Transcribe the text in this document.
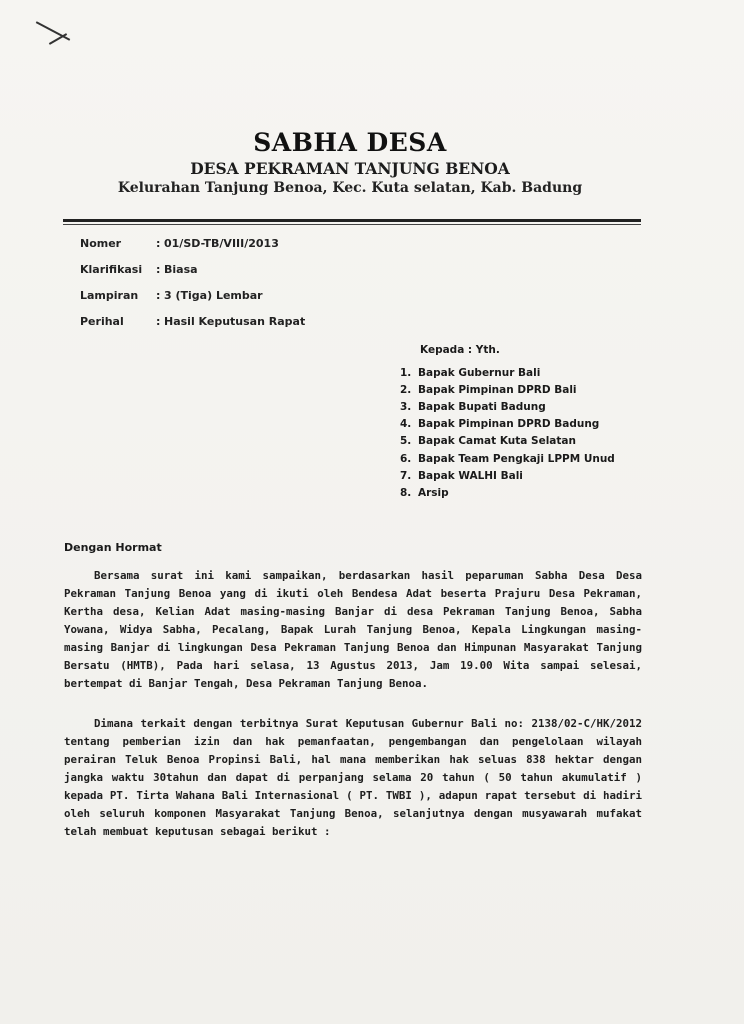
SABHA DESA
DESA PEKRAMAN TANJUNG BENOA
Kelurahan Tanjung Benoa, Kec. Kuta selatan, Kab. Badung
Nomer	: 01/SD-TB/VIII/2013
Klarifikasi	: Biasa
Lampiran	: 3 (Tiga) Lembar
Perihal	: Hasil Keputusan Rapat
Kepada : Yth.
1. Bapak Gubernur Bali
2. Bapak Pimpinan DPRD Bali
3. Bapak Bupati Badung
4. Bapak Pimpinan DPRD Badung
5. Bapak Camat Kuta Selatan
6. Bapak Team Pengkaji LPPM Unud
7. Bapak WALHI Bali
8. Arsip
Dengan Hormat
Bersama surat ini kami sampaikan, berdasarkan hasil peparuman Sabha Desa Desa Pekraman Tanjung Benoa yang di ikuti oleh Bendesa Adat beserta Prajuru Desa Pekraman, Kertha desa, Kelian Adat masing-masing Banjar di desa Pekraman Tanjung Benoa, Sabha Yowana, Widya Sabha, Pecalang, Bapak Lurah Tanjung Benoa, Kepala Lingkungan masing-masing Banjar di lingkungan Desa Pekraman Tanjung Benoa dan Himpunan Masyarakat Tanjung Bersatu (HMTB), Pada hari selasa, 13 Agustus 2013, Jam 19.00 Wita sampai selesai, bertempat di Banjar Tengah, Desa Pekraman Tanjung Benoa.
Dimana terkait dengan terbitnya Surat Keputusan Gubernur Bali no: 2138/02-C/HK/2012 tentang pemberian izin dan hak pemanfaatan, pengembangan dan pengelolaan wilayah perairan Teluk Benoa Propinsi Bali, hal mana memberikan hak seluas 838 hektar dengan jangka waktu 30tahun dan dapat di perpanjang selama 20 tahun ( 50 tahun akumulatif ) kepada PT. Tirta Wahana Bali Internasional ( PT. TWBI ), adapun rapat tersebut di hadiri oleh seluruh komponen Masyarakat Tanjung Benoa, selanjutnya dengan musyawarah mufakat telah membuat keputusan sebagai berikut :
